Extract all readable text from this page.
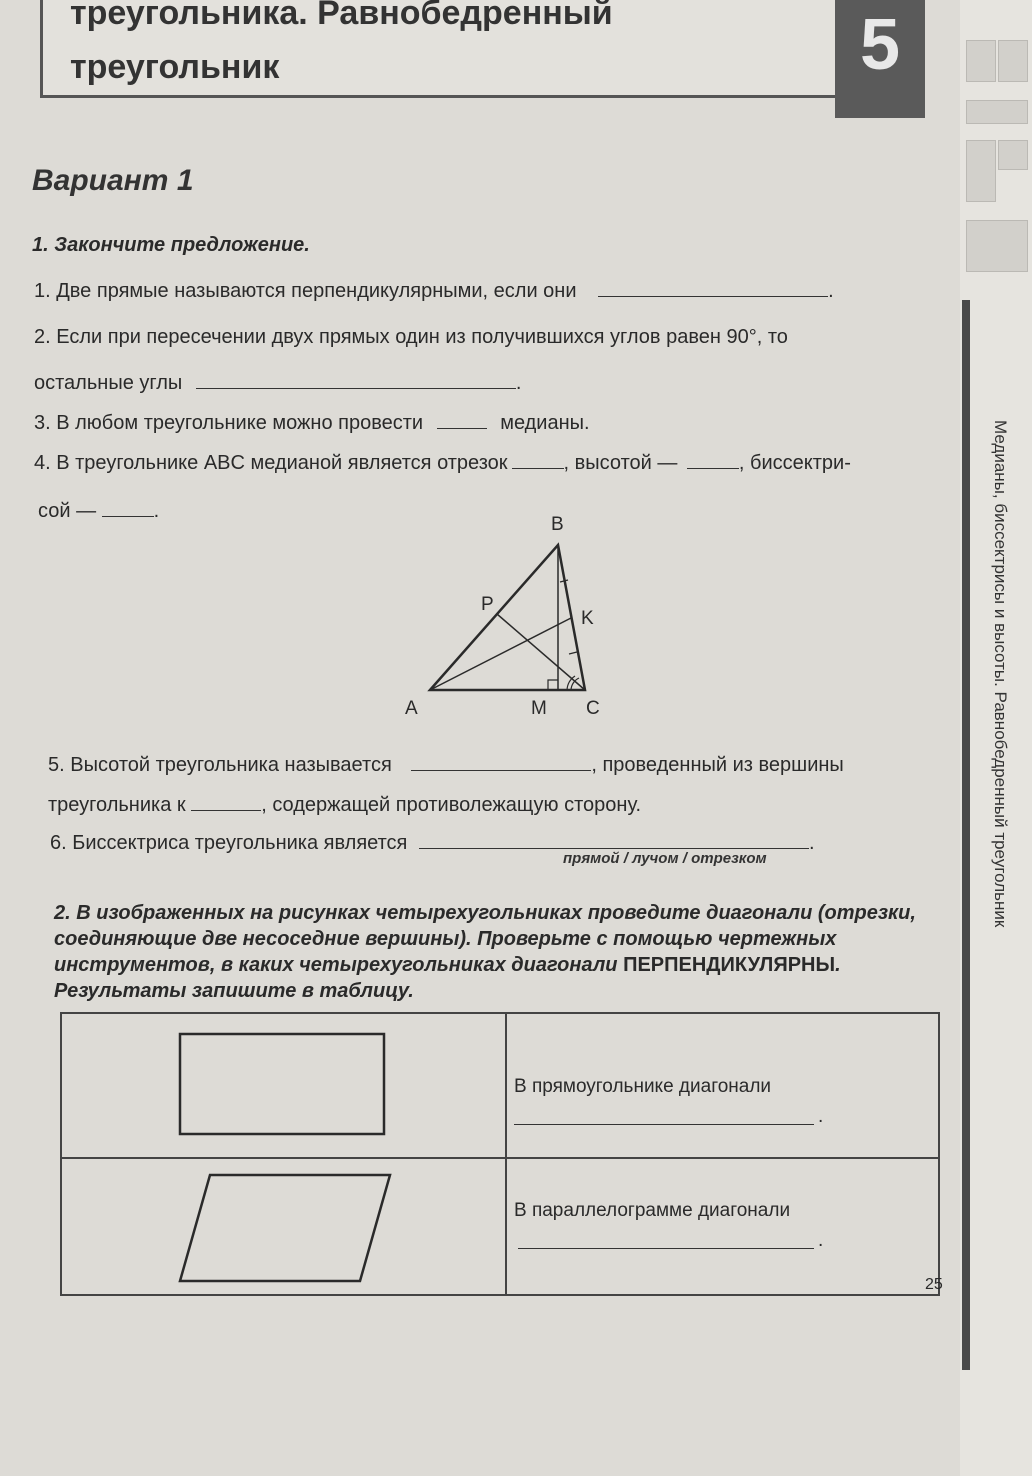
Медианы, биссектрисы и высоты. Равнобедренный треугольник
треугольника. Равнобедренный
треугольник	5
Вариант 1
1. Закончите предложение.
1. Две прямые называются перпендикулярными, если они	.
2. Если при пересечении двух прямых один из получившихся углов равен 90°, то
остальные углы	.
3. В любом треугольнике можно провести	медианы.
4. В треугольнике ABC медианой является отрезок	, высотой —	, биссектри-
сой —	.
A
B
C
P
K
M
5. Высотой треугольника называется	, проведенный из вершины
треугольника к	, содержащей противолежащую сторону.
6. Биссектриса треугольника является	.
прямой / лучом / отрезком
2. В изображенных на рисунках четырехугольниках проведите диагонали (отрезки, соединяющие две несоседние вершины). Проверьте с помощью чертежных инструментов, в каких четырехугольниках диагонали ПЕРПЕНДИКУЛЯРНЫ. Результаты запишите в таблицу.
В прямоугольнике диагонали
.
В параллелограмме диагонали
.
25
